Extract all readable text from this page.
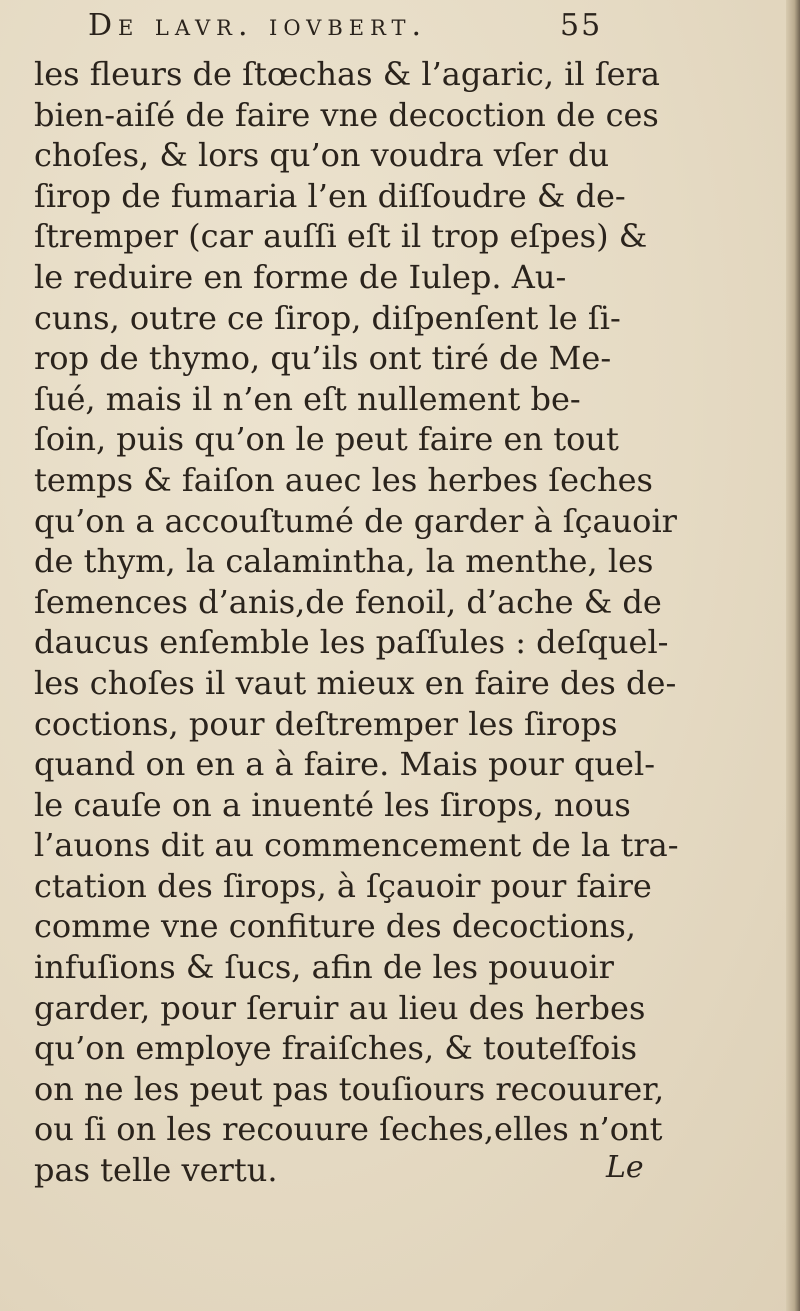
De lavr. iovbert.	55
les fleurs de ſtœchas & l’agaric, il ſera
bien-aiſé de faire vne decoction de ces
choſes, & lors qu’on voudra vſer du
ſirop de fumaria l’en diſſoudre & de-
ſtremper (car auſſi eſt il trop eſpes) &
le reduire en forme de Iulep. Au-
cuns, outre ce ſirop, diſpenſent le ſi-
rop de thymo, qu’ils ont tiré de Me-
ſué, mais il n’en eſt nullement be-
ſoin, puis qu’on le peut faire en tout
temps & faiſon auec les herbes ſeches
qu’on a accouſtumé de garder à ſçauoir
de thym, la calamintha, la menthe, les
ſemences d’anis,de fenoil, d’ache & de
daucus enſemble les paſſules : deſquel-
les choſes il vaut mieux en faire des de-
coctions, pour deſtremper les ſirops
quand on en a à faire. Mais pour quel-
le cauſe on a inuenté les ſirops, nous
l’auons dit au commencement de la tra-
ctation des ſirops, à ſçauoir pour faire
comme vne confiture des decoctions,
infuſions & ſucs, afin de les pouuoir
garder, pour ſeruir au lieu des herbes
qu’on employe fraiſches, & touteſfois
on ne les peut pas touſiours recouurer,
ou ſi on les recouure ſeches,elles n’ont
pas telle vertu.	Le
